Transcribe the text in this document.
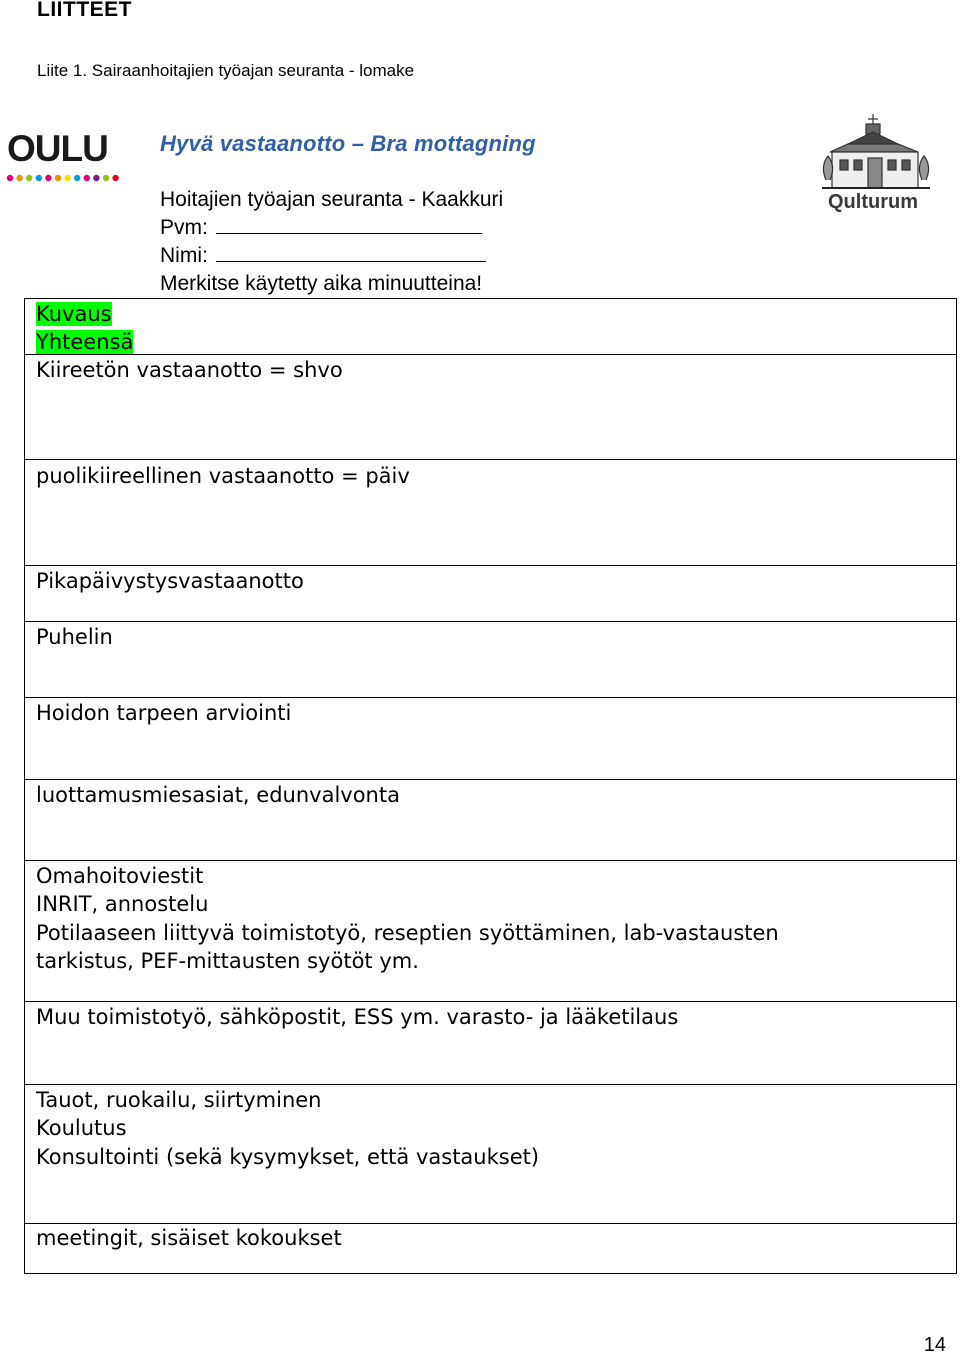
LIITTEET
Liite 1. Sairaanhoitajien työajan seuranta - lomake
OULU
Qulturum
Hyvä vastaanotto – Bra mottagning
Hoitajien työajan seuranta - Kaakkuri
Pvm:
Nimi:
Merkitse käytetty aika minuutteina!
Kuvaus
Yhteensä
Kiireetön vastaanotto = shvo
puolikiireellinen vastaanotto = päiv
Pikapäivystysvastaanotto
Puhelin
Hoidon tarpeen arviointi
luottamusmiesasiat, edunvalvonta
Omahoitoviestit
INRIT, annostelu
Potilaaseen liittyvä toimistotyö, reseptien syöttäminen, lab-vastausten
tarkistus, PEF-mittausten syötöt ym.
Muu toimistotyö, sähköpostit, ESS ym. varasto- ja lääketilaus
Tauot, ruokailu, siirtyminen
Koulutus
Konsultointi (sekä kysymykset, että vastaukset)
meetingit, sisäiset kokoukset
14
